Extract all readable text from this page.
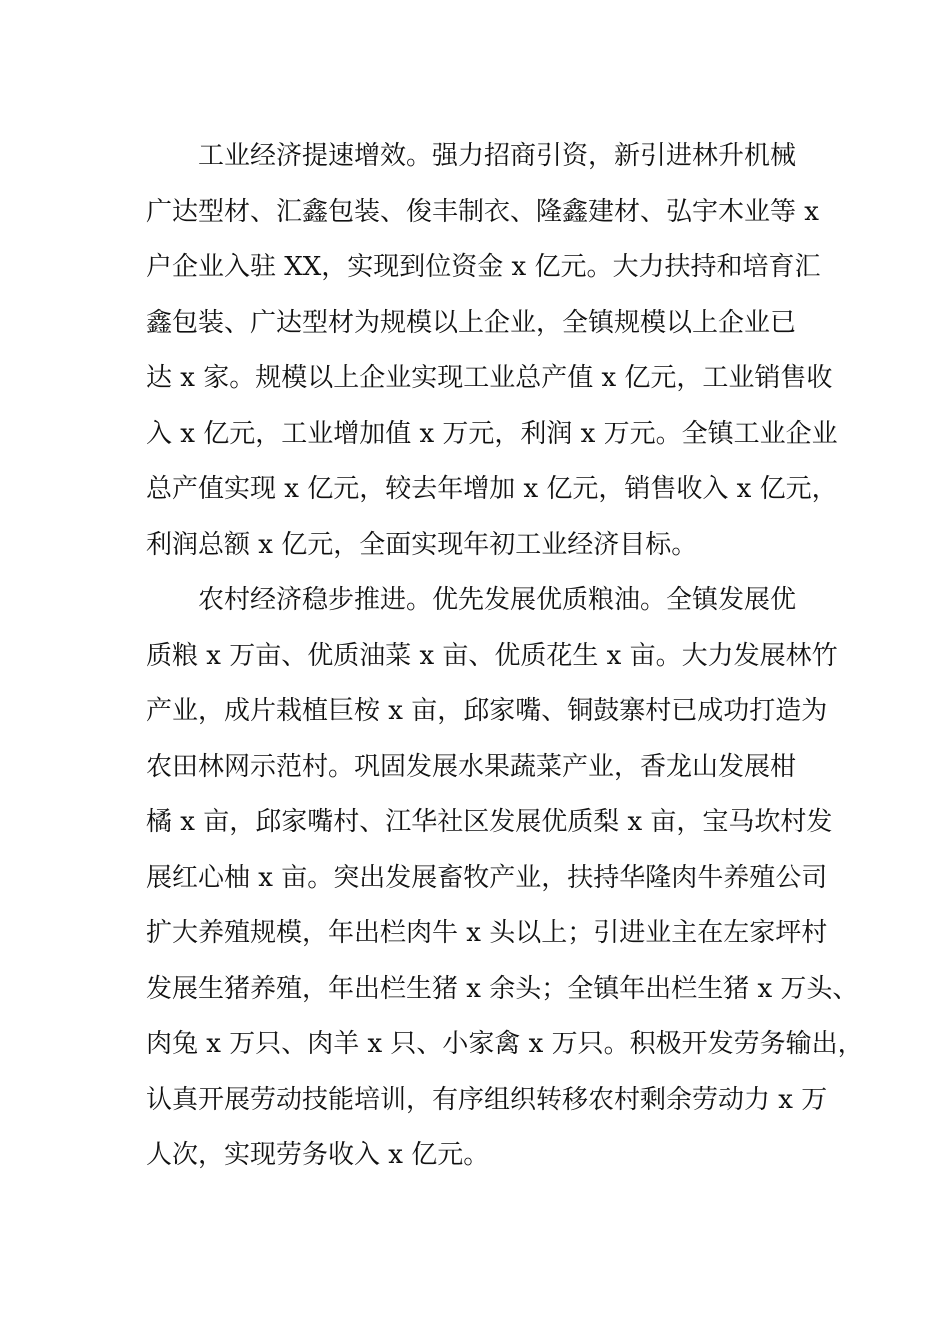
工业经济提速增效。强力招商引资，新引进林升机械
广达型材、汇鑫包装、俊丰制衣、隆鑫建材、弘宇木业等 x
户企业入驻 XX，实现到位资金 x 亿元。大力扶持和培育汇
鑫包装、广达型材为规模以上企业，全镇规模以上企业已
达 x 家。规模以上企业实现工业总产值 x 亿元，工业销售收
入 x 亿元，工业增加值 x 万元，利润 x 万元。全镇工业企业
总产值实现 x 亿元，较去年增加 x 亿元，销售收入 x 亿元，
利润总额 x 亿元，全面实现年初工业经济目标。
农村经济稳步推进。优先发展优质粮油。全镇发展优
质粮 x 万亩、优质油菜 x 亩、优质花生 x 亩。大力发展林竹
产业，成片栽植巨桉 x 亩，邱家嘴、铜鼓寨村已成功打造为
农田林网示范村。巩固发展水果蔬菜产业，香龙山发展柑
橘 x 亩，邱家嘴村、江华社区发展优质梨 x 亩，宝马坎村发
展红心柚 x 亩。突出发展畜牧产业，扶持华隆肉牛养殖公司
扩大养殖规模，年出栏肉牛 x 头以上；引进业主在左家坪村
发展生猪养殖，年出栏生猪 x 余头；全镇年出栏生猪 x 万头、
肉兔 x 万只、肉羊 x 只、小家禽 x 万只。积极开发劳务输出，
认真开展劳动技能培训，有序组织转移农村剩余劳动力 x 万
人次，实现劳务收入 x 亿元。
